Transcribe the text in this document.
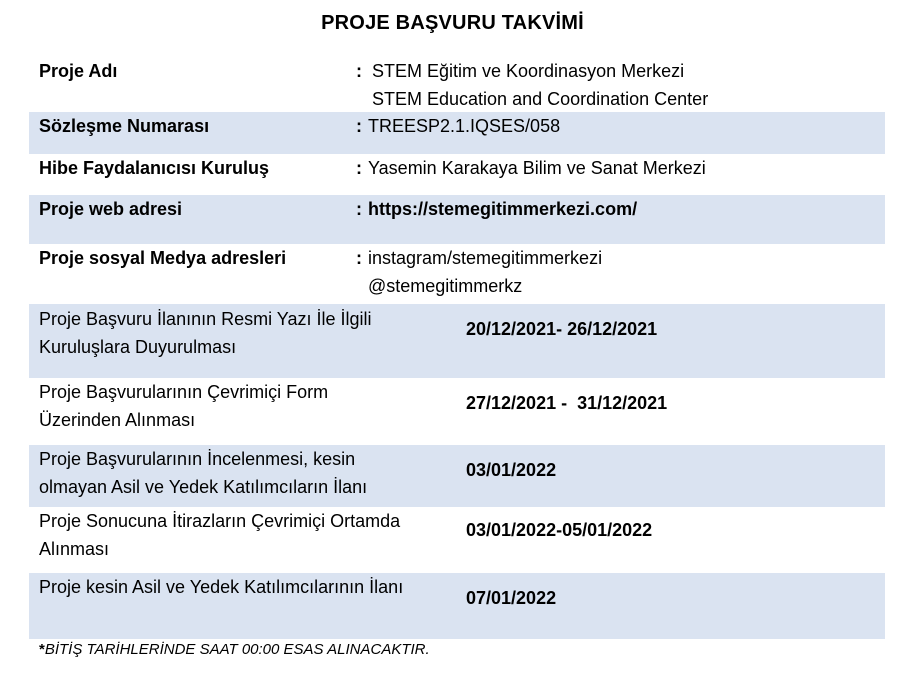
PROJE BAŞVURU TAKVİMİ
Proje Adı	: STEM Eğitim ve Koordinasyon Merkezi
STEM Education and Coordination Center
Sözleşme Numarası	: TREESP2.1.IQSES/058
Hibe Faydalanıcısı Kuruluş	: Yasemin Karakaya Bilim ve Sanat Merkezi
Proje web adresi	: https://stemegitimmerkezi.com/
Proje sosyal Medya adresleri	: instagram/stemegitimmerkezi
@stemegitimmerkz
Proje Başvuru İlanının Resmi Yazı İle İlgili
Kuruluşlara Duyurulması
20/12/2021- 26/12/2021
Proje Başvurularının Çevrimiçi Form
Üzerinden Alınması
27/12/2021 -  31/12/2021
Proje Başvurularının İncelenmesi, kesin
olmayan Asil ve Yedek Katılımcıların İlanı
03/01/2022
Proje Sonucuna İtirazların Çevrimiçi Ortamda
Alınması
03/01/2022-05/01/2022
Proje kesin Asil ve Yedek Katılımcılarının İlanı
07/01/2022
*BİTİŞ TARİHLERİNDE SAAT 00:00 ESAS ALINACAKTIR.
